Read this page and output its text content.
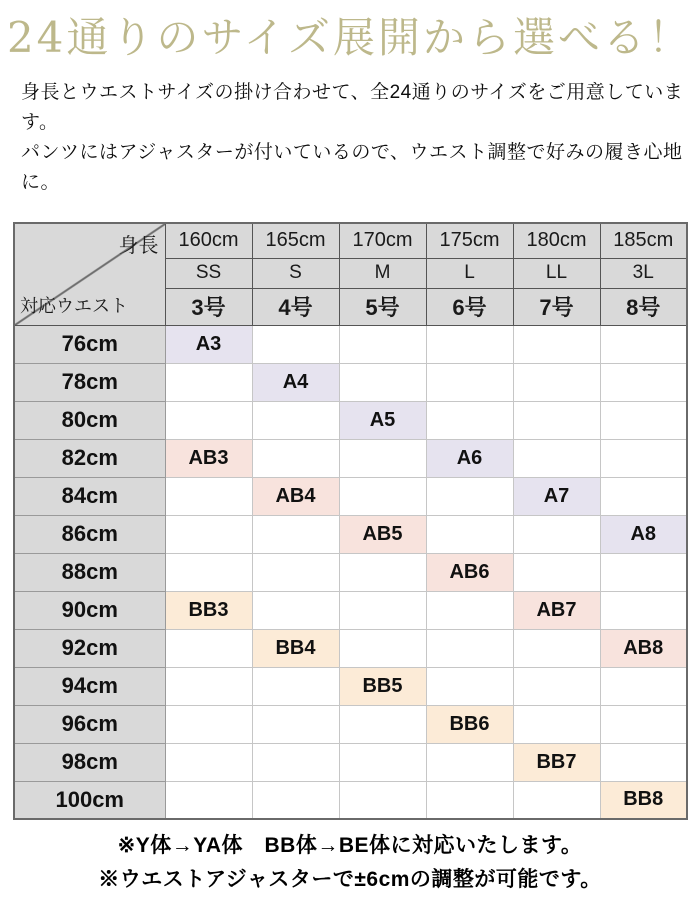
24通りのサイズ展開から選べる！
身長とウエストサイズの掛け合わせて、全24通りのサイズをご用意しています。
パンツにはアジャスターが付いているので、ウエスト調整で好みの履き心地に。
身長
対応ウエスト	160cm	165cm	170cm	175cm	180cm	185cm
	SS	S	M	L	LL	3L
	3号	4号	5号	6号	7号	8号
76cm	A3					
78cm		A4				
80cm			A5			
82cm	AB3			A6		
84cm		AB4			A7	
86cm			AB5			A8
88cm				AB6		
90cm	BB3				AB7	
92cm		BB4				AB8
94cm			BB5			
96cm				BB6		
98cm					BB7	
100cm						BB8
※Y体→YA体　BB体→BE体に対応いたします。
※ウエストアジャスターで±6cmの調整が可能です。
